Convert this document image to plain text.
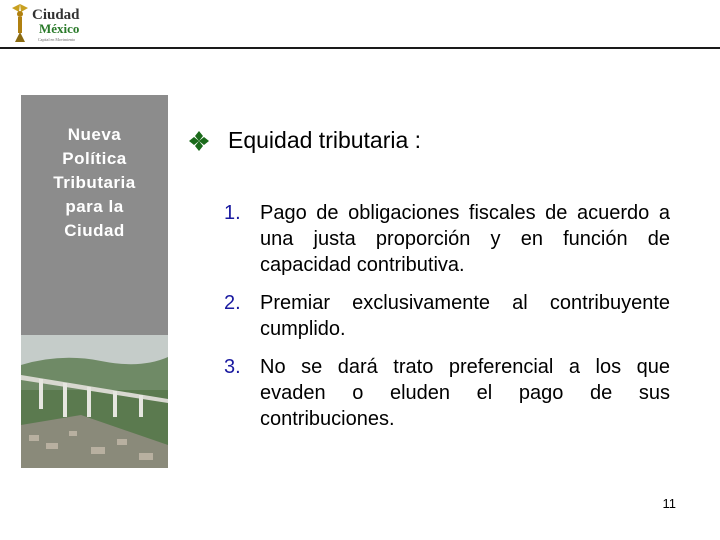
Ciudad
México
Capital en Movimiento
Nueva
Política
Tributaria
para la
Ciudad
Equidad tributaria :
1. Pago de obligaciones fiscales de acuerdo a una justa proporción y en función de capacidad contributiva.
2. Premiar exclusivamente al contribuyente cumplido.
3. No se dará trato preferencial a los que evaden o eluden el pago de sus contribuciones.
11
